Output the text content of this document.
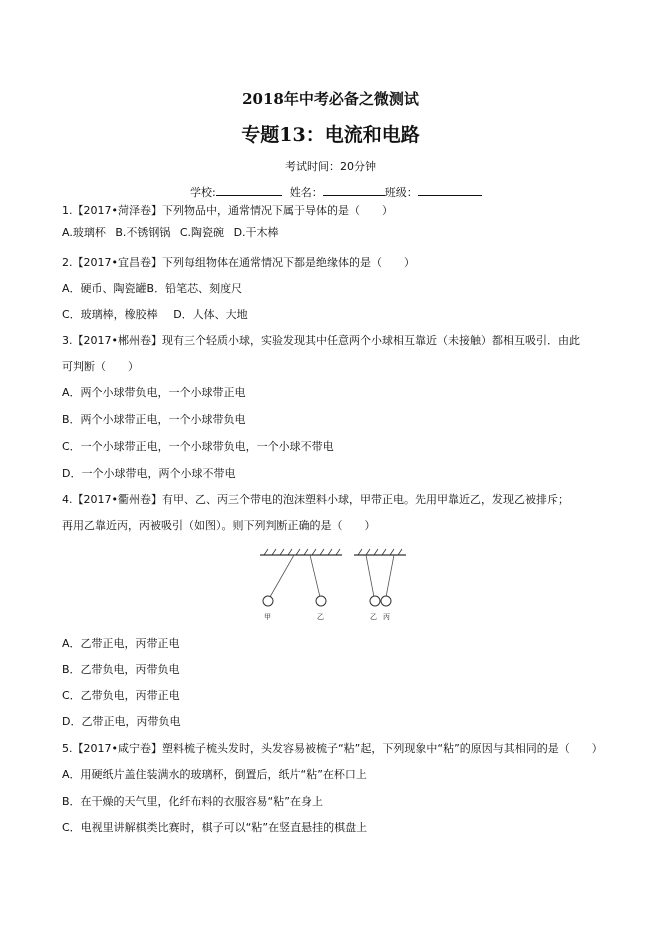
2018年中考必备之微测试
专题13：电流和电路
考试时间：20分钟
学校:	姓名：	班级：
1.【2017•菏泽卷】下列物品中，通常情况下属于导体的是（　　）
A.玻璃杯 B.不锈钢锅 C.陶瓷碗 D.干木棒
2.【2017•宜昌卷】下列每组物体在通常情况下都是绝缘体的是（　　）
A．硬币、陶瓷罐B．铅笔芯、刻度尺
C．玻璃棒，橡胶棒 D．人体、大地
3.【2017•郴州卷】现有三个轻质小球，实验发现其中任意两个小球相互靠近（未接触）都相互吸引．由此
可判断（　　）
A．两个小球带负电，一个小球带正电
B．两个小球带正电，一个小球带负电
C．一个小球带正电，一个小球带负电，一个小球不带电
D．一个小球带电，两个小球不带电
4.【2017•衢州卷】有甲、乙、丙三个带电的泡沫塑料小球，甲带正电。先用甲靠近乙，发现乙被排斥；
再用乙靠近丙，丙被吸引（如图）。则下列判断正确的是（　　）
甲	乙	乙 丙
A．乙带正电，丙带正电
B．乙带负电，丙带负电
C．乙带负电，丙带正电
D．乙带正电，丙带负电
5.【2017•咸宁卷】塑料梳子梳头发时，头发容易被梳子“粘”起，下列现象中“粘”的原因与其相同的是（　　）
A．用硬纸片盖住装满水的玻璃杯，倒置后，纸片“粘”在杯口上
B．在干燥的天气里，化纤布料的衣服容易“粘”在身上
C．电视里讲解棋类比赛时，棋子可以“粘”在竖直悬挂的棋盘上
